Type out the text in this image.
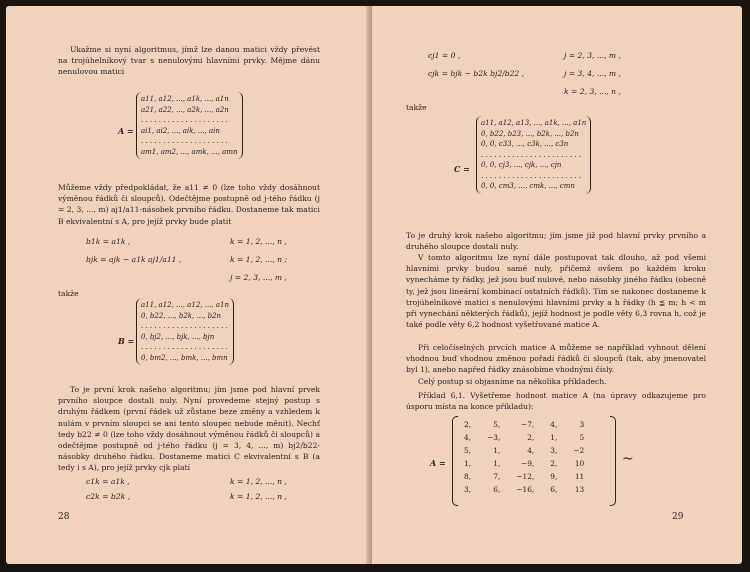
Ukažme si nyní algoritmus, jímž lze danou matici vždy převést na trojúhelníkový tvar s nenulovými hlavními prvky. Mějme dánu nenulovou matici
A =
a11, a12, ..., a1k, ..., a1n
a21, a22, ..., a2k, ..., a2n
. . . . . . . . . . . . . . . . . . . .
ai1, ai2, ..., aik, ..., ain
. . . . . . . . . . . . . . . . . . . .
am1, am2, ..., amk, ..., amn
Můžeme vždy předpokládat, že a11 ≠ 0 (lze toho vždy dosáhnout výměnou řádků či sloupců). Odečtějme postupně od j-tého řádku (j = 2, 3, ..., m) aj1/a11-násobek prvního řádku. Dostaneme tak matici B ekvivalentní s A, pro jejíž prvky bude platit
b1k = a1k ,	k = 1, 2, ..., n ,
bjk = ajk − a1k aj1/a11 ,	k = 1, 2, ..., n ;
j = 2, 3, ..., m ,
takže
B =
a11, a12, ..., a12, ..., a1n
0, b22, ..., b2k, ..., b2n
. . . . . . . . . . . . . . . . . . . .
0, bj2, ..., bjk, ..., bjn
. . . . . . . . . . . . . . . . . . . .
0, bm2, ..., bmk, ..., bmn
To je první krok našeho algoritmu; jím jsme pod hlavní prvek prvního sloupce dostali nuly. Nyní provedeme stejný postup s druhým řádkem (první řádek už zůstane beze změny a vzhledem k nulám v prvním sloupci se ani tento sloupec nebude měnit). Nechť tedy b22 ≠ 0 (lze toho vždy dosáhnout výměnou řádků či sloupců) a odečtějme postupně od j-tého řádku (j = 3, 4, ..., m) bj2/b22-násobky druhého řádku. Dostaneme matici C ekvivalentní s B (a tedy i s A), pro jejíž prvky cjk platí
c1k = a1k ,	k = 1, 2, ..., n ,
c2k = b2k ,	k = 1, 2, ..., n ,
28
cj1 = 0 ,	j = 2, 3, ..., m ,
cjk = bjk − b2k bj2/b22 ,	j = 3, 4, ..., m ,
k = 2, 3, ..., n ,
takže
C =
a11, a12, a13, ..., a1k, ..., a1n
0, b22, b23, ..., b2k, ..., b2n
0, 0, c33, ..., c3k, ..., c3n
. . . . . . . . . . . . . . . . . . . . . . .
0, 0, cj3, ..., cjk, ..., cjn
. . . . . . . . . . . . . . . . . . . . . . .
0, 0, cm3, ..., cmk, ..., cmn
To je druhý krok našeho algoritmu; jím jsme již pod hlavní prvky prvního a druhého sloupce dostali nuly.
V tomto algoritmu lze nyní dále postupovat tak dlouho, až pod všemi hlavními prvky budou samé nuly, přičemž ovšem po každém kroku vynecháme ty řádky, jež jsou buď nulové, nebo násobky jiného řádku (obecně ty, jež jsou lineární kombinací ostatních řádků). Tím se nakonec dostaneme k trojúhelníkové matici s nenulovými hlavními prvky a h řádky (h ≦ m; h < m při vynechání některých řádků), jejíž hodnost je podle věty 6,3 rovna h, což je také podle věty 6,2 hodnost vyšetřované matice A.
Při celočíselných prvcích matice A můžeme se například vyhnout dělení vhodnou buď vhodnou změnou pořadí řádků či sloupců (tak, aby jmenovatel byl 1), anebo napřed řádky znásobíme vhodnými čísly.
Celý postup si objasníme na několika příkladech.
Příklad 6,1. Vyšetřeme hodnost matice A (na úpravy odkazujeme pro úsporu místa na konce příkladu):
A =
2,	5,	−7,	4,	3
4,	−3,	2,	1,	5
5,	1,	4,	3,	−2
1,	1,	−9,	2,	10
8,	7,	−12,	9,	11
3,	6,	−16,	6,	13
~
29
